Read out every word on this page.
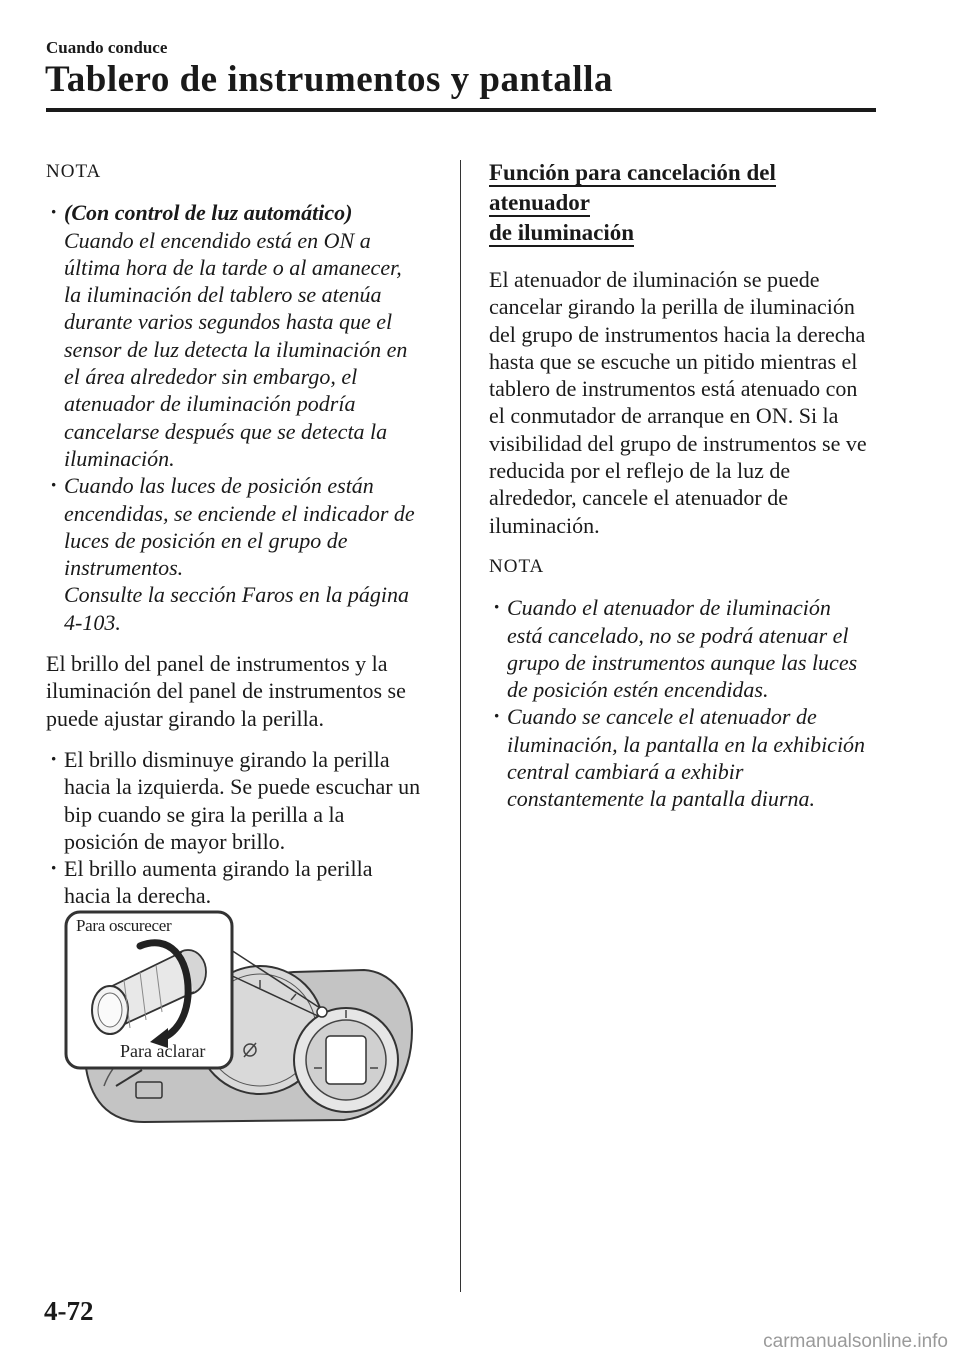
Cuando conduce
Tablero de instrumentos y pantalla
NOTA
· (Con control de luz automático)
Cuando el encendido está en ON a
última hora de la tarde o al amanecer,
la iluminación del tablero se atenúa
durante varios segundos hasta que el
sensor de luz detecta la iluminación en
el área alrededor sin embargo, el
atenuador de iluminación podría
cancelarse después que se detecta la
iluminación.
· Cuando las luces de posición están
encendidas, se enciende el indicador de
luces de posición en el grupo de
instrumentos.
Consulte la sección Faros en la página
4-103.

El brillo del panel de instrumentos y la
iluminación del panel de instrumentos se
puede ajustar girando la perilla.

· El brillo disminuye girando la perilla
hacia la izquierda. Se puede escuchar un
bip cuando se gira la perilla a la
posición de mayor brillo.
· El brillo aumenta girando la perilla
hacia la derecha.
Para oscurecer
Para aclarar
Función para cancelación del atenuador
de iluminación

El atenuador de iluminación se puede
cancelar girando la perilla de iluminación
del grupo de instrumentos hacia la derecha
hasta que se escuche un pitido mientras el
tablero de instrumentos está atenuado con
el conmutador de arranque en ON. Si la
visibilidad del grupo de instrumentos se ve
reducida por el reflejo de la luz de
alrededor, cancele el atenuador de
iluminación.

NOTA
· Cuando el atenuador de iluminación
está cancelado, no se podrá atenuar el
grupo de instrumentos aunque las luces
de posición estén encendidas.
· Cuando se cancele el atenuador de
iluminación, la pantalla en la exhibición
central cambiará a exhibir
constantemente la pantalla diurna.
4-72
carmanualsonline.info
